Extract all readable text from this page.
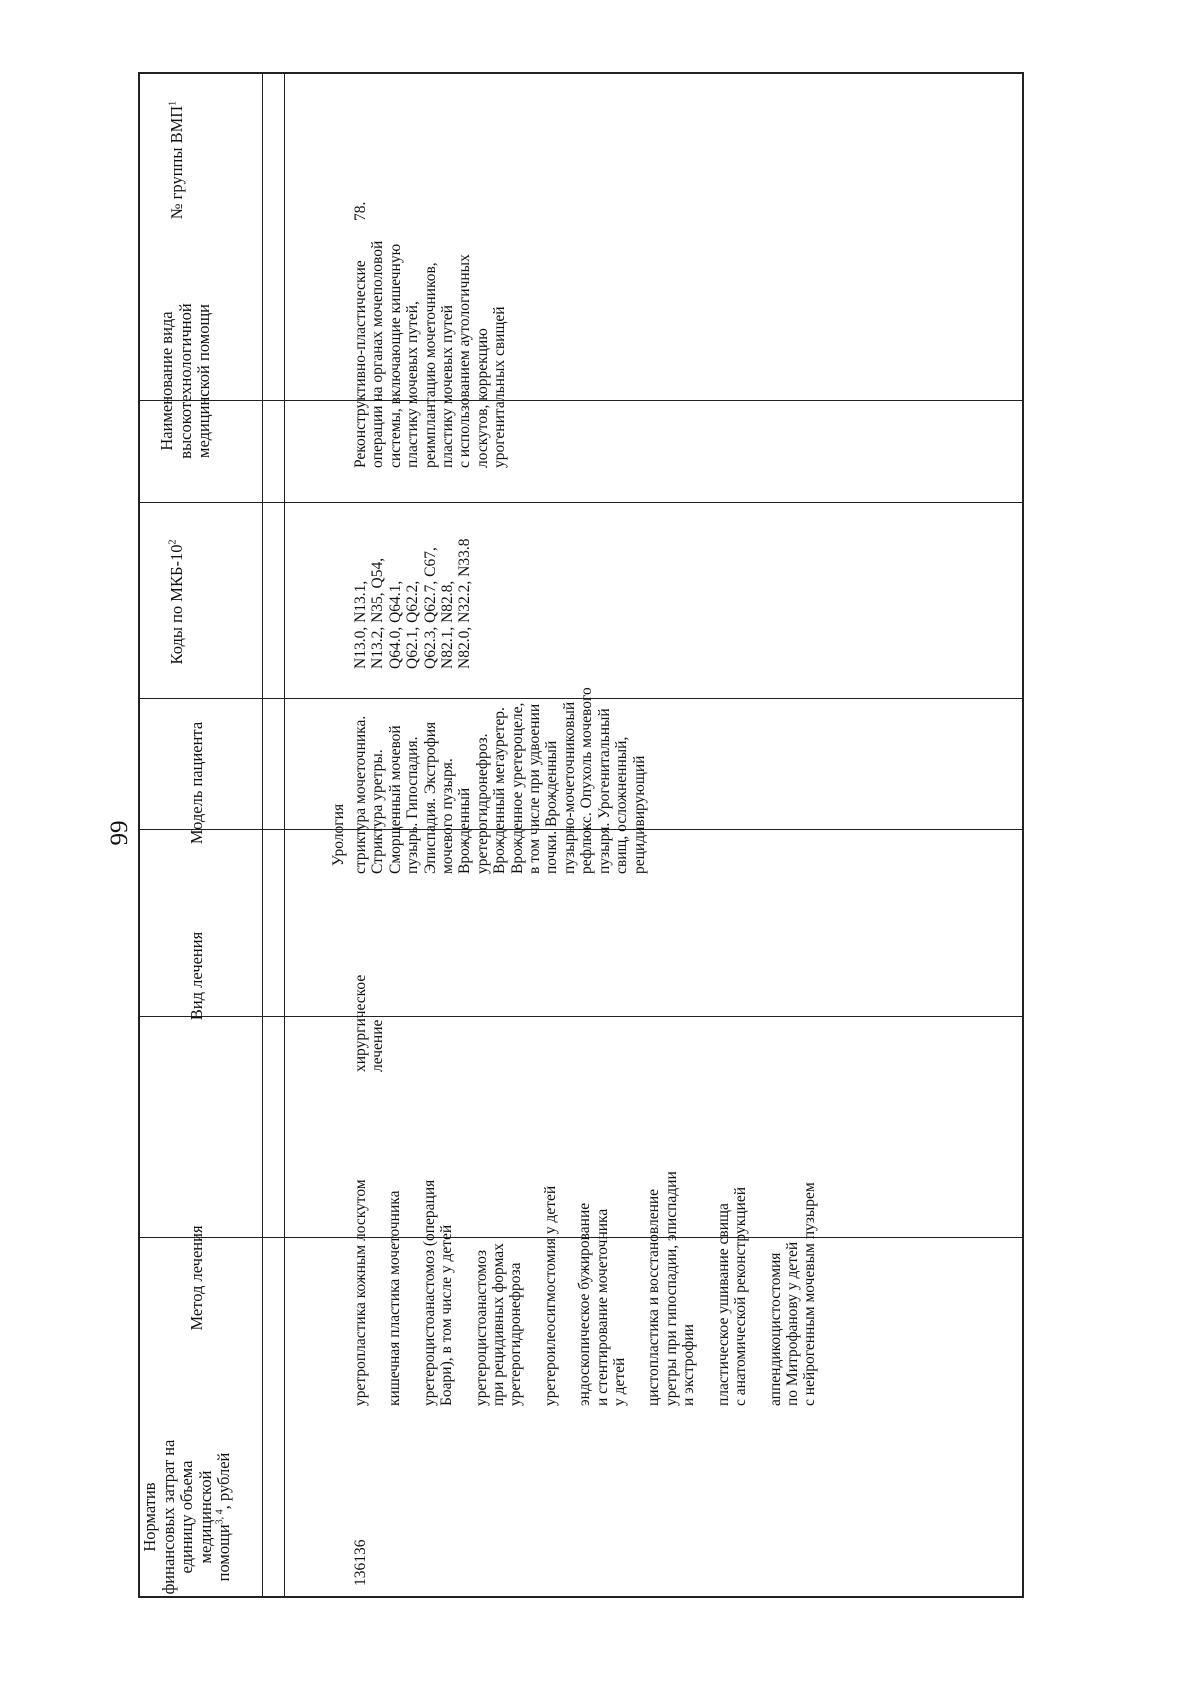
99
№ группы ВМП$^1$
Наименование вида высокотехнологичной медицинской помощи
Коды по МКБ-$10^2$
Модель пациента
Вид лечения
Метод лечения
Норматив финансовых затрат на единицу объема медицинской помощи$^{3, 4}$, рублей
Урология
78.
Реконструктивно-пластические
операции на органах мочеполовой
системы, включающие кишечную
пластику мочевых путей,
реимплантацию мочеточников,
пластику мочевых путей
с использованием аутологичных
лоскутов, коррекцию
урогенитальных свищей
N13.0, N13.1,
N13.2, N35, Q54,
Q64.0, Q64.1,
Q62.1, Q62.2,
Q62.3, Q62.7, C67,
N82.1, N82.8,
N82.0, N32.2, N33.8
стриктура мочеточника.
Стриктура уретры.
Сморщенный мочевой
пузырь. Гипоспадия.
Эписпадия. Экстрофия
мочевого пузыря.
Врожденный
уретерогидронефроз.
Врожденный мегауретер.
Врожденное уретероцеле,
в том числе при удвоении
почки. Врожденный
пузырно-мочеточниковый
рефлюкс. Опухоль мочевого
пузыря. Урогенитальный
свищ, осложненный,
рецидивирующий
хирургическое
лечение
уретропластика кожным лоскутом кишечная пластика мочеточника уретероцистоанастомоз (операция
Боари), в том числе у детей
уретероцистоанастомоз
при рецидивных формах
уретерогидронефроза уретероилеосигмостомия у детей эндоскопическое бужирование
и стентирование мочеточника
у детей цистопластика и восстановление
уретры при гипоспадии, эписпадии
и экстрофии пластическое ушивание свища
с анатомической реконструкцией
аппендикоцистостомия
по Митрофанову у детей
с нейрогенным мочевым пузырем
136136
